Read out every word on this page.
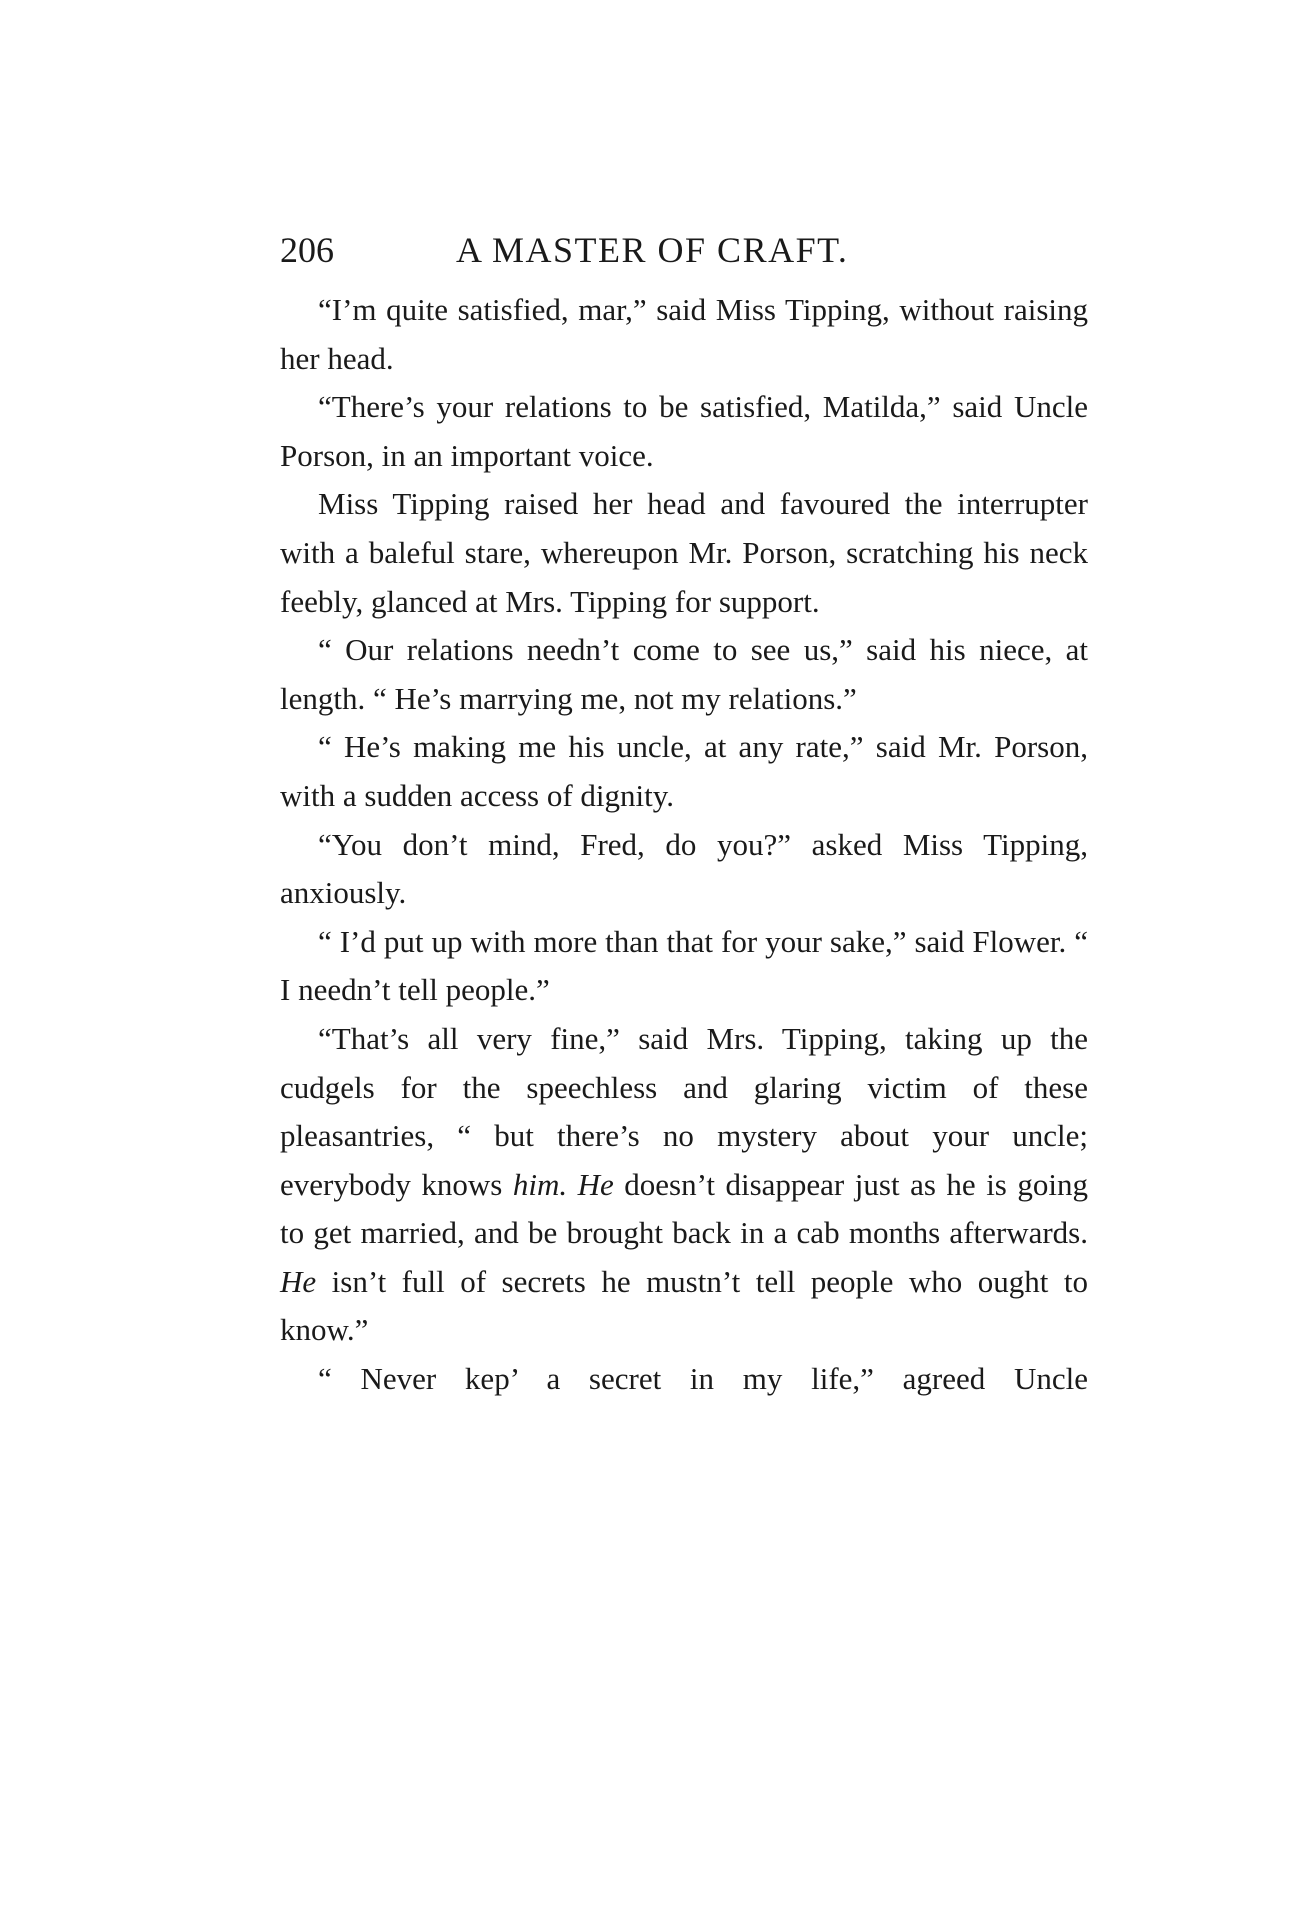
206	A MASTER OF CRAFT.

“I’m quite satisfied, mar,” said Miss Tipping, without raising her head.

“There’s your relations to be satisfied, Matilda,” said Uncle Porson, in an important voice.

Miss Tipping raised her head and favoured the interrupter with a baleful stare, whereupon Mr. Porson, scratching his neck feebly, glanced at Mrs. Tipping for support.

“ Our relations needn’t come to see us,” said his niece, at length. “ He’s marrying me, not my relations.”

“ He’s making me his uncle, at any rate,” said Mr. Porson, with a sudden access of dignity.

“You don’t mind, Fred, do you?” asked Miss Tipping, anxiously.

“ I’d put up with more than that for your sake,” said Flower. “ I needn’t tell people.”

“That’s all very fine,” said Mrs. Tipping, taking up the cudgels for the speechless and glaring victim of these pleasantries, “ but there’s no mystery about your uncle; everybody knows him. He doesn’t disappear just as he is going to get married, and be brought back in a cab months afterwards. He isn’t full of secrets he mustn’t tell people who ought to know.”

“ Never kep’ a secret in my life,” agreed Uncle
